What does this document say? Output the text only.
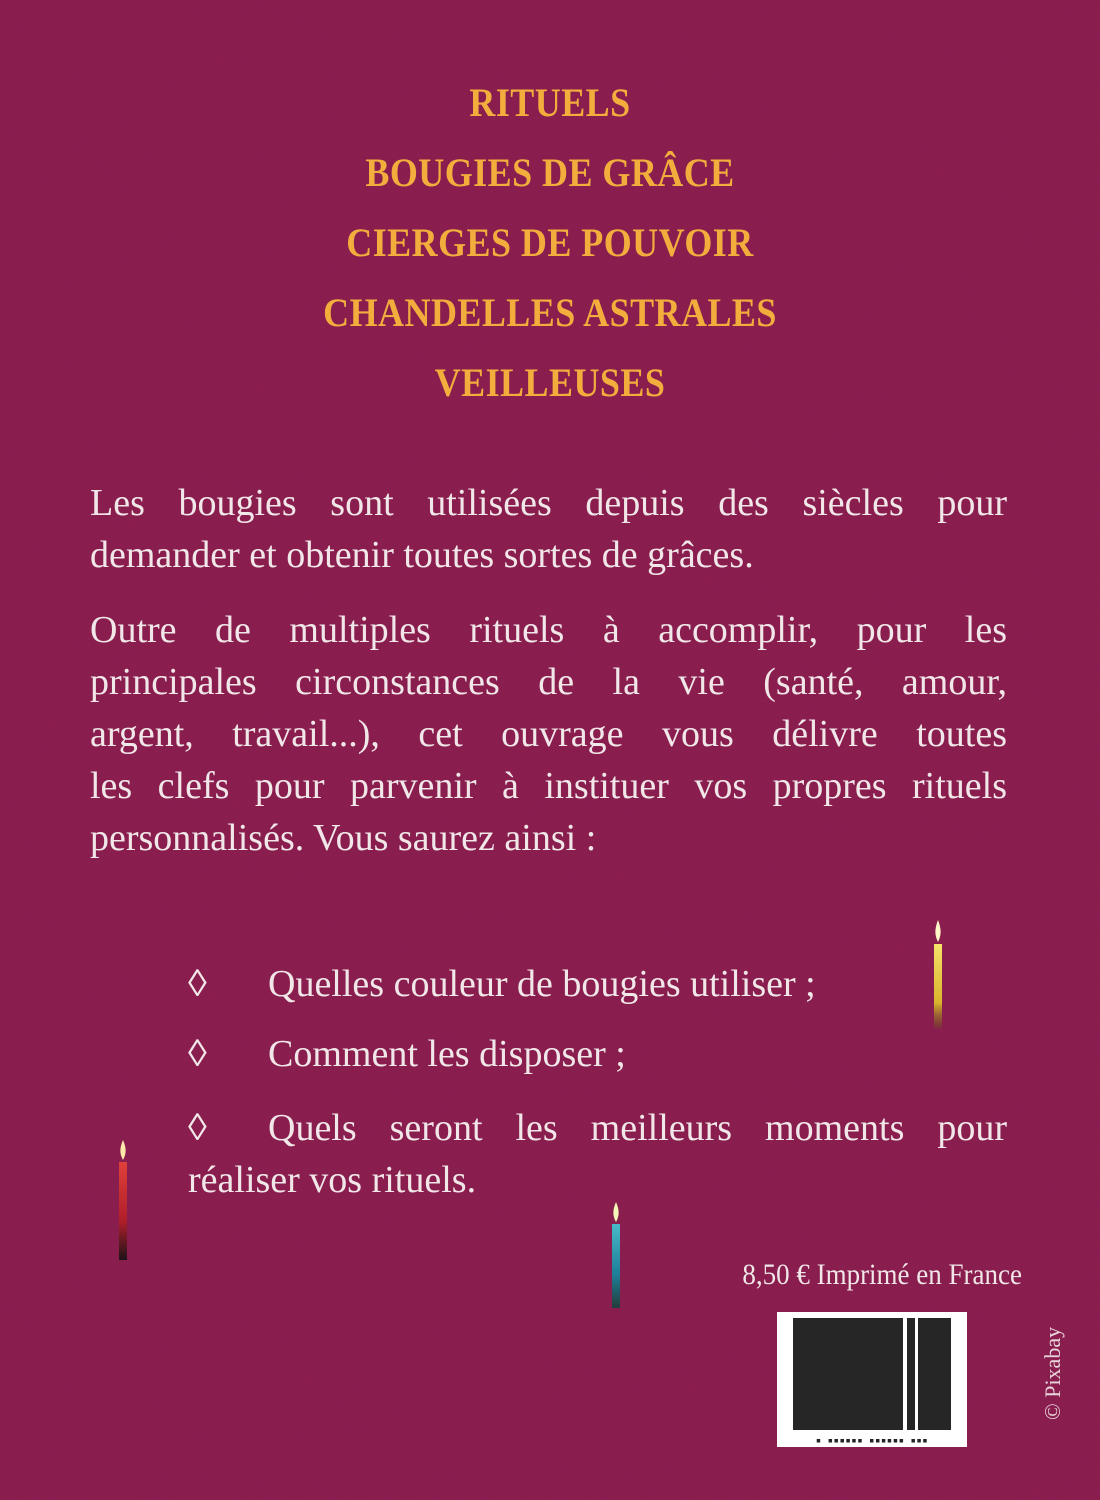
RITUELS
BOUGIES DE GRÂCE
CIERGES DE POUVOIR
CHANDELLES ASTRALES
VEILLEUSES
Les bougies sont utilisées depuis des siècles pour
demander et obtenir toutes sortes de grâces.
Outre de multiples rituels à accomplir, pour les
principales circonstances de la vie (santé, amour,
argent, travail...), cet ouvrage vous délivre toutes
les clefs pour parvenir à instituer vos propres rituels
personnalisés. Vous saurez ainsi :
◊ Quelles couleur de bougies utiliser ;
◊ Comment les disposer ;
◊ Quels seront les meilleurs moments pour
réaliser vos rituels.
8,50 € Imprimé en France
▪ ▪▪▪▪▪▪ ▪▪▪▪▪▪ ▪▪▪
© Pixabay
